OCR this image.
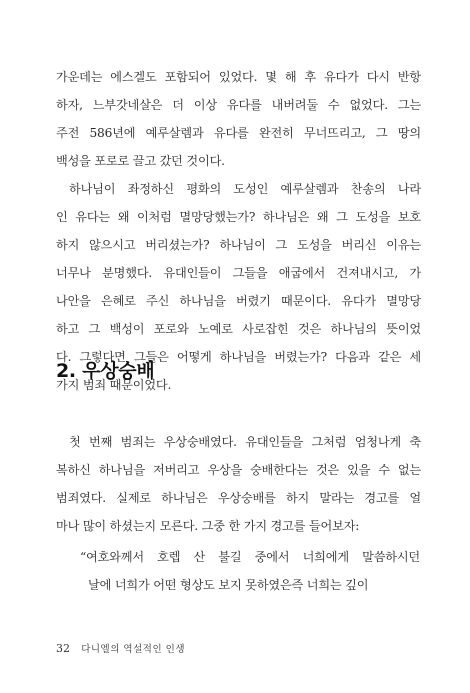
가운데는 에스겔도 포함되어 있었다. 몇 해 후 유다가 다시 반항
하자, 느부갓네살은 더 이상 유다를 내버려둘 수 없었다. 그는
주전 586년에 예루살렘과 유다를 완전히 무너뜨리고, 그 땅의
백성을 포로로 끌고 갔던 것이다.
하나님이 좌정하신 평화의 도성인 예루살렘과 찬송의 나라
인 유다는 왜 이처럼 멸망당했는가? 하나님은 왜 그 도성을 보호
하지 않으시고 버리셨는가? 하나님이 그 도성을 버리신 이유는
너무나 분명했다. 유대인들이 그들을 애굽에서 건져내시고, 가
나안을 은혜로 주신 하나님을 버렸기 때문이다. 유다가 멸망당
하고 그 백성이 포로와 노예로 사로잡힌 것은 하나님의 뜻이었
다. 그렇다면 그들은 어떻게 하나님을 버렸는가? 다음과 같은 세
가지 범죄 때문이었다.
2. 우상숭배
첫 번째 범죄는 우상숭배였다. 유대인들을 그처럼 엄청나게 축
복하신 하나님을 저버리고 우상을 숭배한다는 것은 있을 수 없는
범죄였다. 실제로 하나님은 우상숭배를 하지 말라는 경고를 얼
마나 많이 하셨는지 모른다. 그중 한 가지 경고를 들어보자:
“여호와께서 호렙 산 불길 중에서 너희에게 말씀하시던
날에 너희가 어떤 형상도 보지 못하였은즉 너희는 깊이
32 다니엘의 역설적인 인생
